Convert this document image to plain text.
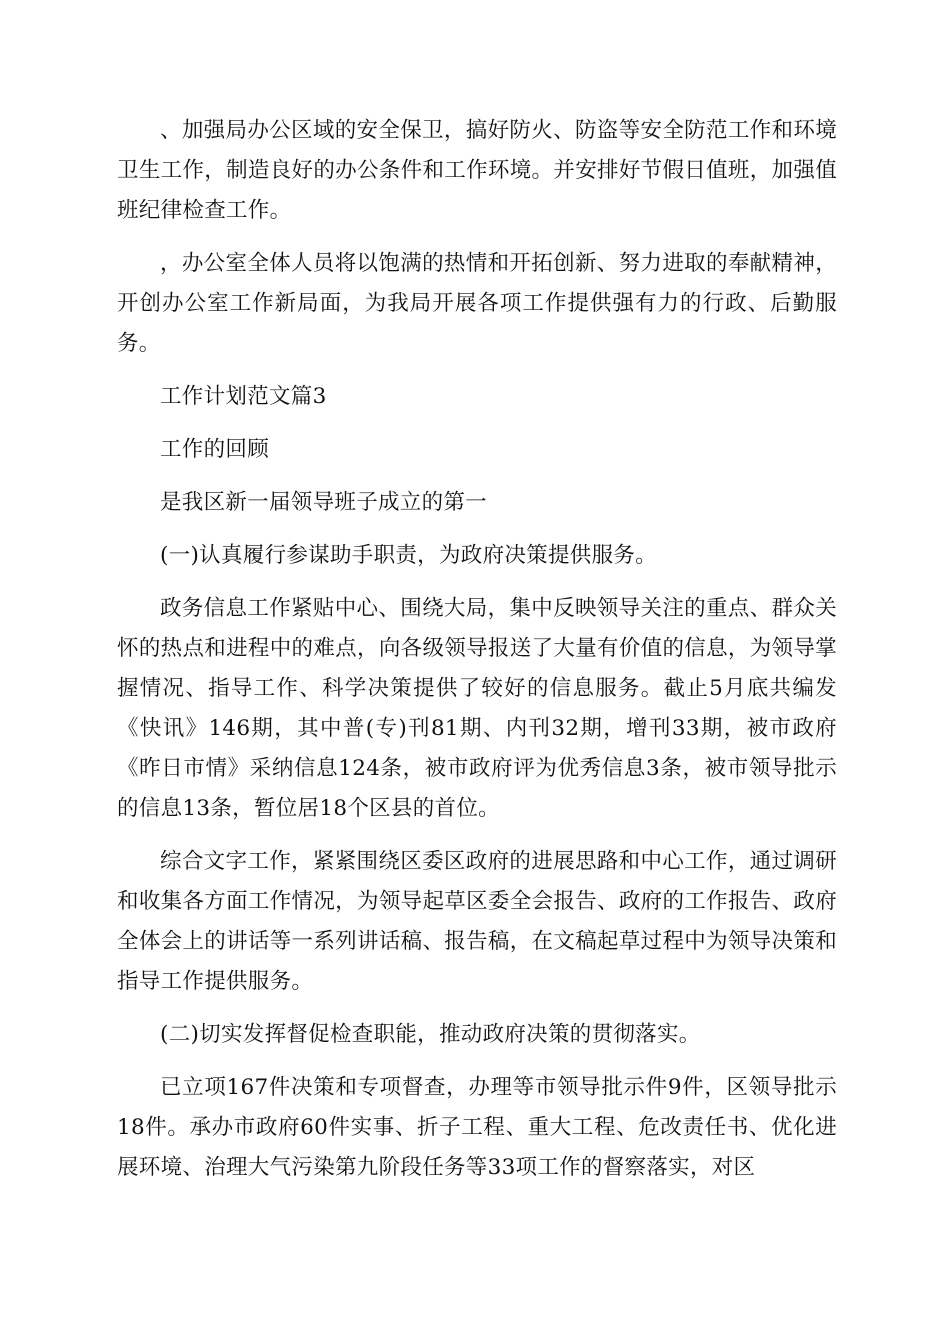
、加强局办公区域的安全保卫，搞好防火、防盗等安全防范工作和环境卫生工作，制造良好的办公条件和工作环境。并安排好节假日值班，加强值班纪律检查工作。

，办公室全体人员将以饱满的热情和开拓创新、努力进取的奉献精神，开创办公室工作新局面，为我局开展各项工作提供强有力的行政、后勤服务。

工作计划范文篇3

工作的回顾

是我区新一届领导班子成立的第一

(一)认真履行参谋助手职责，为政府决策提供服务。

政务信息工作紧贴中心、围绕大局，集中反映领导关注的重点、群众关怀的热点和进程中的难点，向各级领导报送了大量有价值的信息，为领导掌握情况、指导工作、科学决策提供了较好的信息服务。截止5月底共编发《快讯》146期，其中普(专)刊81期、内刊32期，增刊33期，被市政府《昨日市情》采纳信息124条，被市政府评为优秀信息3条，被市领导批示的信息13条，暂位居18个区县的首位。

综合文字工作，紧紧围绕区委区政府的进展思路和中心工作，通过调研和收集各方面工作情况，为领导起草区委全会报告、政府的工作报告、政府全体会上的讲话等一系列讲话稿、报告稿，在文稿起草过程中为领导决策和指导工作提供服务。

(二)切实发挥督促检查职能，推动政府决策的贯彻落实。

已立项167件决策和专项督查，办理等市领导批示件9件，区领导批示18件。承办市政府60件实事、折子工程、重大工程、危改责任书、优化进展环境、治理大气污染第九阶段任务等33项工作的督察落实，对区
